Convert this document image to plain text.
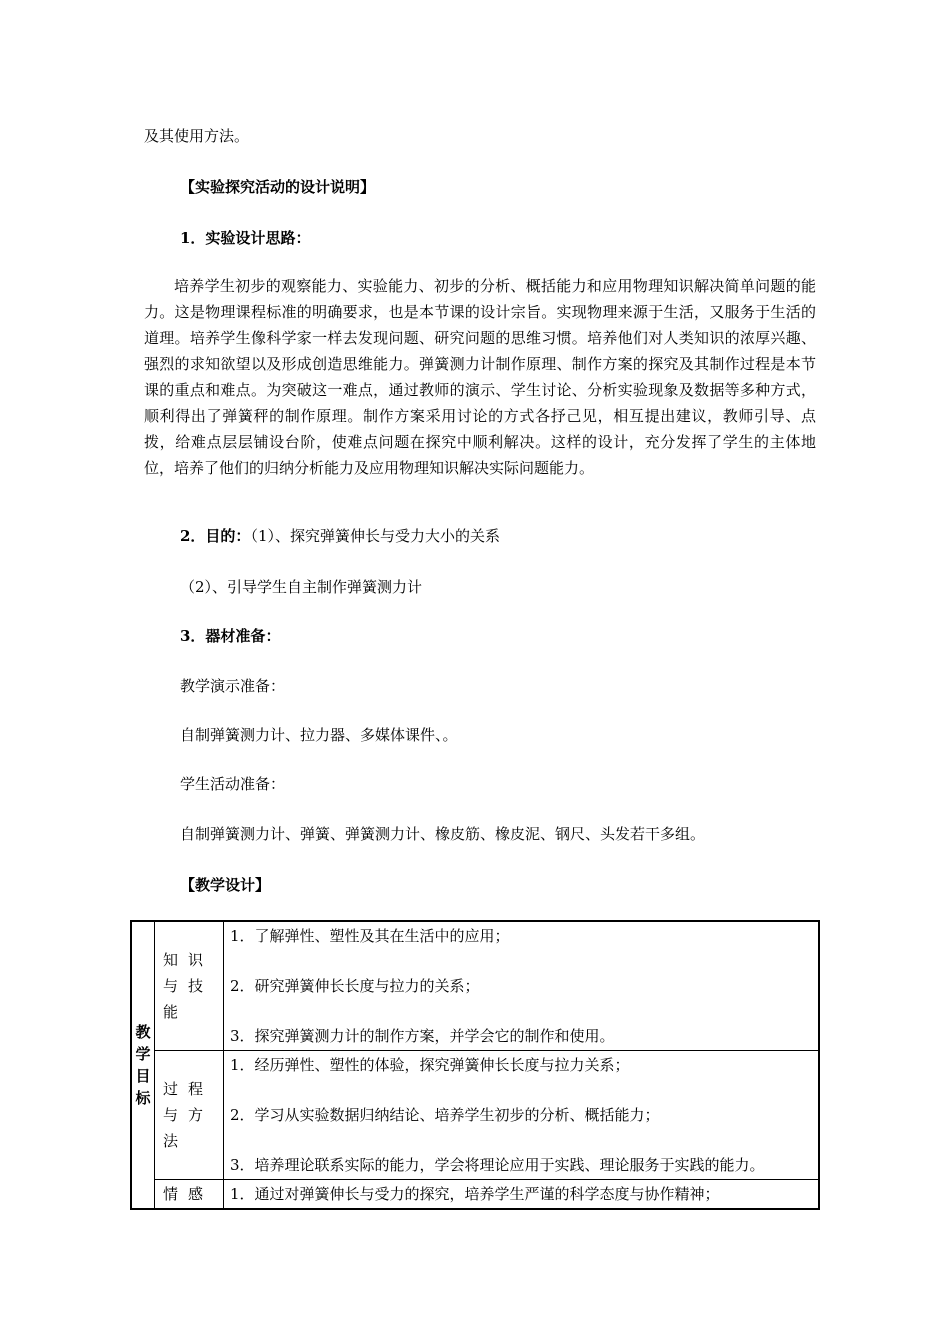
及其使用方法。
【实验探究活动的设计说明】
1．实验设计思路：
培养学生初步的观察能力、实验能力、初步的分析、概括能力和应用物理知识解决简单问题的能力。这是物理课程标准的明确要求，也是本节课的设计宗旨。实现物理来源于生活，又服务于生活的道理。培养学生像科学家一样去发现问题、研究问题的思维习惯。培养他们对人类知识的浓厚兴趣、强烈的求知欲望以及形成创造思维能力。弹簧测力计制作原理、制作方案的探究及其制作过程是本节课的重点和难点。为突破这一难点，通过教师的演示、学生讨论、分析实验现象及数据等多种方式，顺利得出了弹簧秤的制作原理。制作方案采用讨论的方式各抒己见，相互提出建议，教师引导、点拨，给难点层层铺设台阶，使难点问题在探究中顺利解决。这样的设计，充分发挥了学生的主体地位，培养了他们的归纳分析能力及应用物理知识解决实际问题能力。
2．目的：（1）、探究弹簧伸长与受力大小的关系
（2）、引导学生自主制作弹簧测力计
3．器材准备：
教学演示准备：
自制弹簧测力计、拉力器、多媒体课件、。
学生活动准备：
自制弹簧测力计、弹簧、弹簧测力计、橡皮筋、橡皮泥、钢尺、头发若干多组。
【教学设计】
教学目标	知识与技能	1．了解弹性、塑性及其在生活中的应用；
2．研究弹簧伸长长度与拉力的关系；
3．探究弹簧测力计的制作方案，并学会它的制作和使用。

	过程与方法	1．经历弹性、塑性的体验，探究弹簧伸长长度与拉力关系；
2．学习从实验数据归纳结论、培养学生初步的分析、概括能力；
3．培养理论联系实际的能力，学会将理论应用于实践、理论服务于实践的能力。

	情感	1．通过对弹簧伸长与受力的探究，培养学生严谨的科学态度与协作精神；
